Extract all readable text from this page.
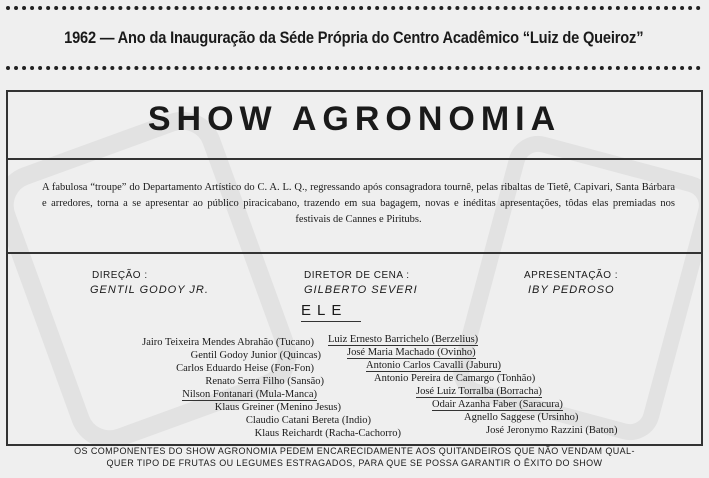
1962 — Ano da Inauguração da Séde Própria do Centro Acadêmico “Luiz de Queiroz”
SHOW AGRONOMIA
A fabulosa “troupe” do Departamento Artístico do C. A. L. Q., regressando após consagradora tournê, pelas ribaltas de Tietê, Capivari, Santa Bárbara e arredores, torna a se apresentar ao público piracicabano, trazendo em sua bagagem, novas e inéditas apresentações, tôdas elas premiadas nos festivais de Cannes e Piritubs.
DIREÇÃO :
GENTIL GODOY JR.
DIRETOR DE CENA :
GILBERTO SEVERI
APRESENTAÇÃO :
IBY PEDROSO
ELE
Jairo Teixeira Mendes Abrahão (Tucano)
Gentil Godoy Junior (Quincas)
Carlos Eduardo Heise (Fon-Fon)
Renato Serra Filho (Sansão)
Nilson Fontanari (Mula-Manca)
Klaus Greiner (Menino Jesus)
Claudio Catani Bereta (Indio)
Klaus Reichardt (Racha-Cachorro)
Luiz Ernesto Barrichelo (Berzelius)
José Maria Machado (Ovinho)
Antonio Carlos Cavalli (Jaburu)
Antonio Pereira de Camargo (Tonhão)
José Luiz Torralba (Borracha)
Odair Azanha Faber (Saracura)
Agnello Saggese (Ursinho)
José Jeronymo Razzini (Baton)
OS COMPONENTES DO SHOW AGRONOMIA PEDEM ENCARECIDAMENTE AOS QUITANDEIROS QUE NÃO VENDAM QUAL-
QUER TIPO DE FRUTAS OU LEGUMES ESTRAGADOS, PARA QUE SE POSSA GARANTIR O ÊXITO DO SHOW
